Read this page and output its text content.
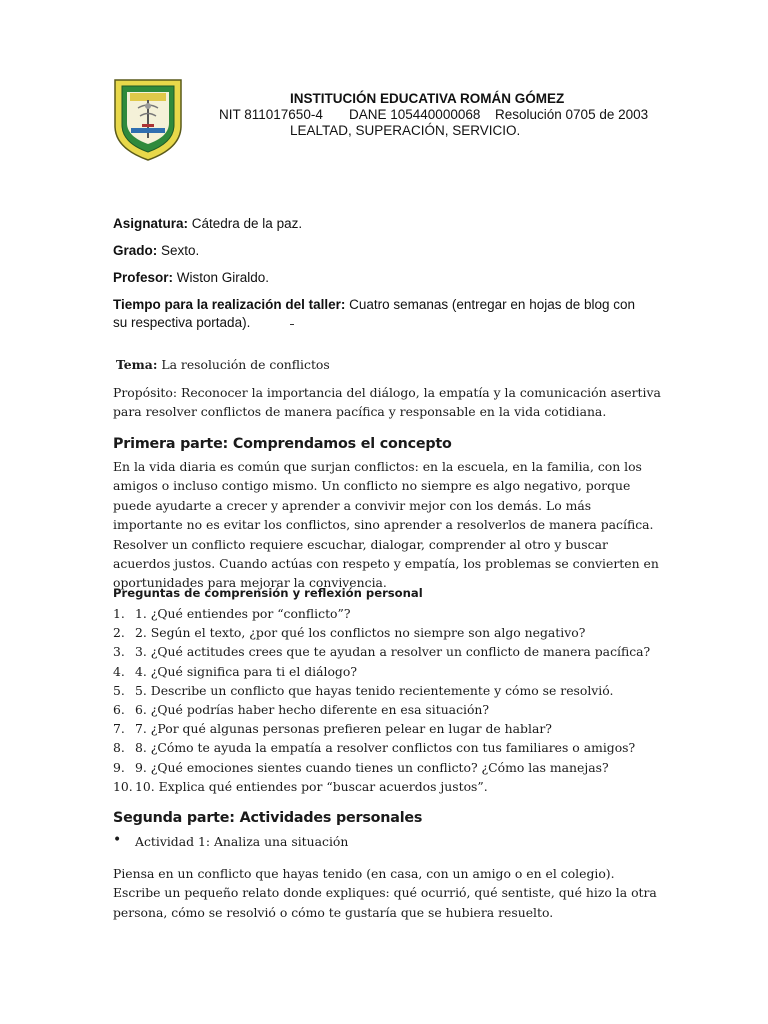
INSTITUCIÓN EDUCATIVA ROMÁN GÓMEZ
NIT 811017650-4 DANE 105440000068 Resolución 0705 de 2003
LEALTAD, SUPERACIÓN, SERVICIO.
Asignatura: Cátedra de la paz.
Grado: Sexto.
Profesor: Wiston Giraldo.
Tiempo para la realización del taller: Cuatro semanas (entregar en hojas de blog con su respectiva portada).
Tema: La resolución de conflictos
Propósito: Reconocer la importancia del diálogo, la empatía y la comunicación asertiva para resolver conflictos de manera pacífica y responsable en la vida cotidiana.
Primera parte: Comprendamos el concepto
En la vida diaria es común que surjan conflictos: en la escuela, en la familia, con los amigos o incluso contigo mismo. Un conflicto no siempre es algo negativo, porque puede ayudarte a crecer y aprender a convivir mejor con los demás. Lo más importante no es evitar los conflictos, sino aprender a resolverlos de manera pacífica. Resolver un conflicto requiere escuchar, dialogar, comprender al otro y buscar acuerdos justos. Cuando actúas con respeto y empatía, los problemas se convierten en oportunidades para mejorar la convivencia.
Preguntas de comprensión y reflexión personal
1. 1. ¿Qué entiendes por “conflicto”?
2. 2. Según el texto, ¿por qué los conflictos no siempre son algo negativo?
3. 3. ¿Qué actitudes crees que te ayudan a resolver un conflicto de manera pacífica?
4. 4. ¿Qué significa para ti el diálogo?
5. 5. Describe un conflicto que hayas tenido recientemente y cómo se resolvió.
6. 6. ¿Qué podrías haber hecho diferente en esa situación?
7. 7. ¿Por qué algunas personas prefieren pelear en lugar de hablar?
8. 8. ¿Cómo te ayuda la empatía a resolver conflictos con tus familiares o amigos?
9. 9. ¿Qué emociones sientes cuando tienes un conflicto? ¿Cómo las manejas?
10. 10. Explica qué entiendes por “buscar acuerdos justos”.
Segunda parte: Actividades personales
• Actividad 1: Analiza una situación
Piensa en un conflicto que hayas tenido (en casa, con un amigo o en el colegio). Escribe un pequeño relato donde expliques: qué ocurrió, qué sentiste, qué hizo la otra persona, cómo se resolvió o cómo te gustaría que se hubiera resuelto.
